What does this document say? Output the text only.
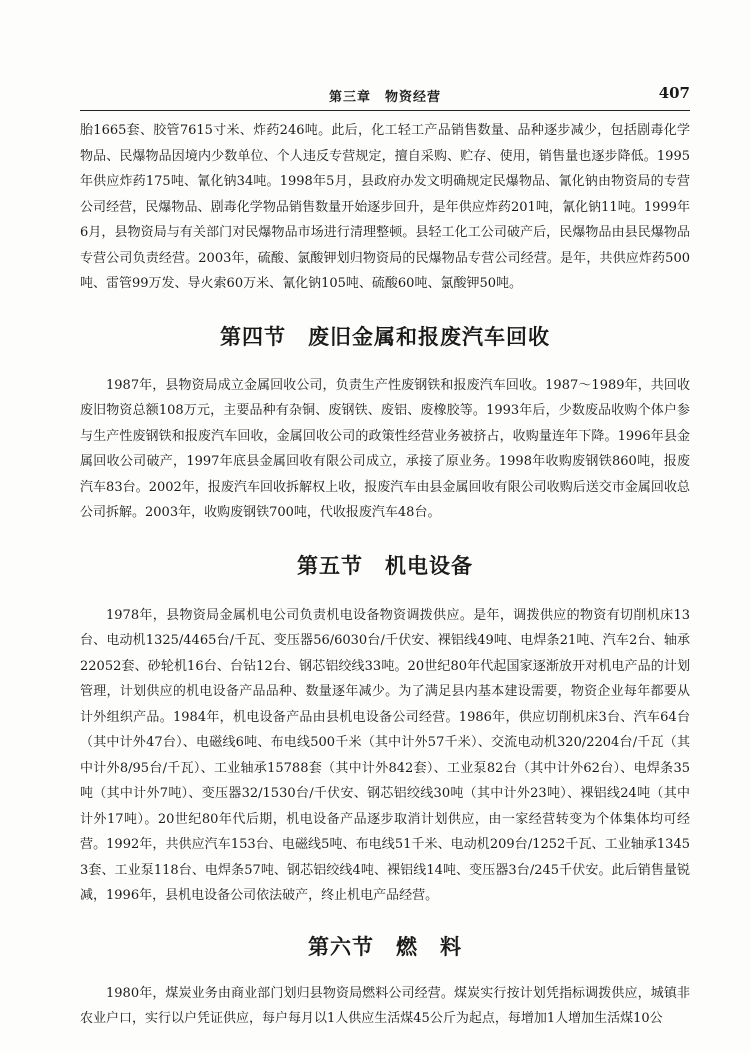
第三章　物资经营	407

胎1665套、胶管7615寸米、炸药246吨。此后，化工轻工产品销售数量、品种逐步减少，包括剧毒化学物品、民爆物品因境内少数单位、个人违反专营规定，擅自采购、贮存、使用，销售量也逐步降低。1995年供应炸药175吨、氰化钠34吨。1998年5月，县政府办发文明确规定民爆物品、氰化钠由物资局的专营公司经营，民爆物品、剧毒化学物品销售数量开始逐步回升，是年供应炸药201吨，氰化钠11吨。1999年6月，县物资局与有关部门对民爆物品市场进行清理整顿。县轻工化工公司破产后，民爆物品由县民爆物品专营公司负责经营。2003年，硫酸、氯酸钾划归物资局的民爆物品专营公司经营。是年，共供应炸药500吨、雷管99万发、导火索60万米、氰化钠105吨、硫酸60吨、氯酸钾50吨。

第四节　废旧金属和报废汽车回收

1987年，县物资局成立金属回收公司，负责生产性废钢铁和报废汽车回收。1987～1989年，共回收废旧物资总额108万元，主要品种有杂铜、废钢铁、废铝、废橡胶等。1993年后，少数废品收购个体户参与生产性废钢铁和报废汽车回收，金属回收公司的政策性经营业务被挤占，收购量连年下降。1996年县金属回收公司破产，1997年底县金属回收有限公司成立，承接了原业务。1998年收购废钢铁860吨，报废汽车83台。2002年，报废汽车回收拆解权上收，报废汽车由县金属回收有限公司收购后送交市金属回收总公司拆解。2003年，收购废钢铁700吨，代收报废汽车48台。

第五节　机电设备

1978年，县物资局金属机电公司负责机电设备物资调拨供应。是年，调拨供应的物资有切削机床13台、电动机1325/4465台/千瓦、变压器56/6030台/千伏安、裸铝线49吨、电焊条21吨、汽车2台、轴承22052套、砂轮机16台、台钻12台、钢芯铝绞线33吨。20世纪80年代起国家逐渐放开对机电产品的计划管理，计划供应的机电设备产品品种、数量逐年减少。为了满足县内基本建设需要，物资企业每年都要从计外组织产品。1984年，机电设备产品由县机电设备公司经营。1986年，供应切削机床3台、汽车64台（其中计外47台）、电磁线6吨、布电线500千米（其中计外57千米）、交流电动机320/2204台/千瓦（其中计外8/95台/千瓦）、工业轴承15788套（其中计外842套）、工业泵82台（其中计外62台）、电焊条35吨（其中计外7吨）、变压器32/1530台/千伏安、钢芯铝绞线30吨（其中计外23吨）、裸铝线24吨（其中计外17吨）。20世纪80年代后期，机电设备产品逐步取消计划供应，由一家经营转变为个体集体均可经营。1992年，共供应汽车153台、电磁线5吨、布电线51千米、电动机209台/1252千瓦、工业轴承13453套、工业泵118台、电焊条57吨、钢芯铝绞线4吨、裸铝线14吨、变压器3台/245千伏安。此后销售量锐减，1996年，县机电设备公司依法破产，终止机电产品经营。

第六节　燃　料

1980年，煤炭业务由商业部门划归县物资局燃料公司经营。煤炭实行按计划凭指标调拨供应，城镇非农业户口，实行以户凭证供应，每户每月以1人供应生活煤45公斤为起点，每增加1人增加生活煤10公
